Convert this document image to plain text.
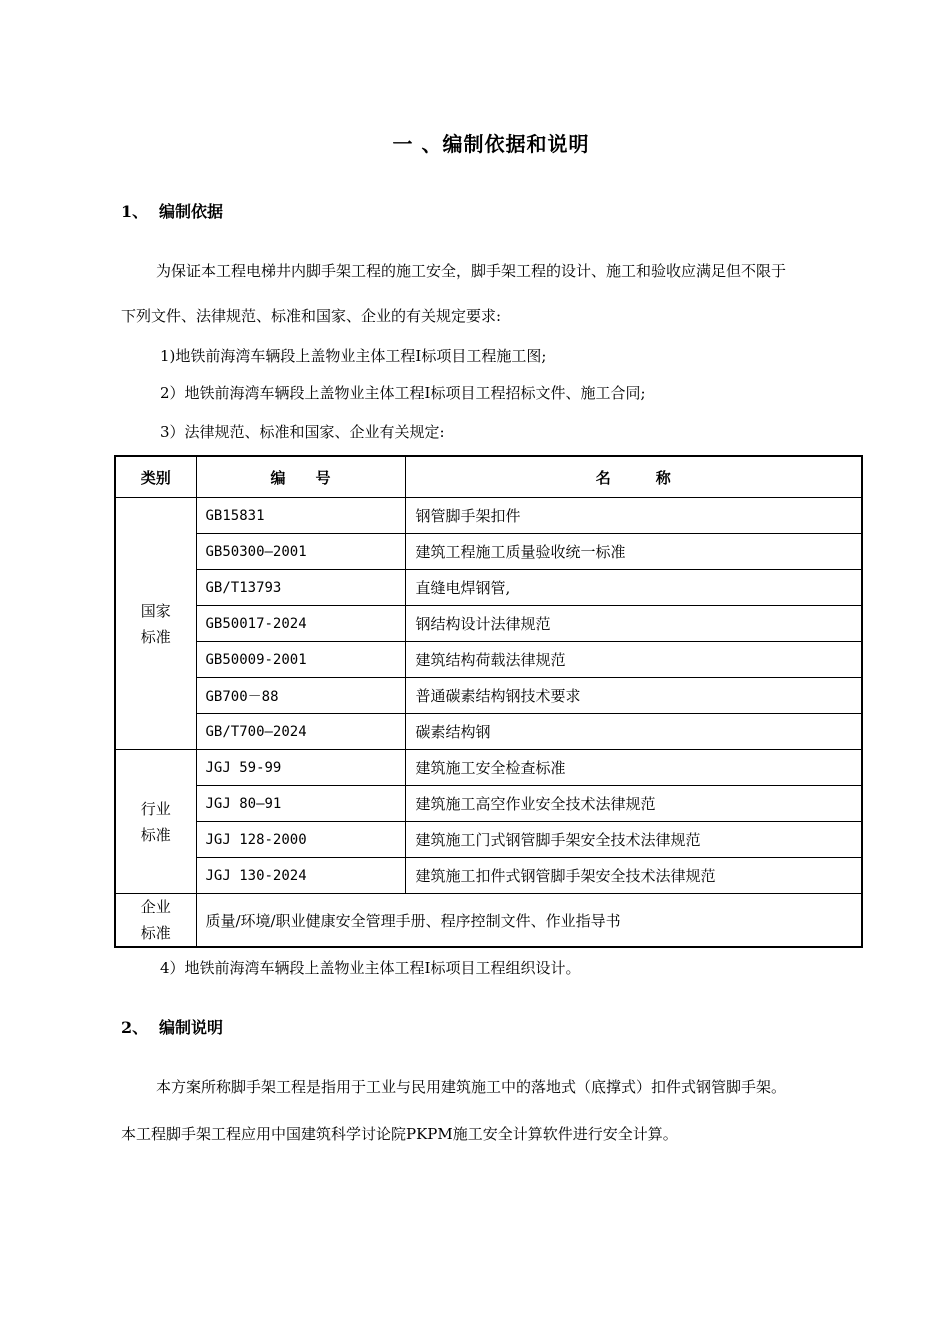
一 、编制依据和说明
1、 编制依据
为保证本工程电梯井内脚手架工程的施工安全，脚手架工程的设计、施工和验收应满足但不限于
下列文件、法律规范、标准和国家、企业的有关规定要求:
1)地铁前海湾车辆段上盖物业主体工程Ⅰ标项目工程施工图;
2）地铁前海湾车辆段上盖物业主体工程Ⅰ标项目工程招标文件、施工合同;
3）法律规范、标准和国家、企业有关规定:
类别	编　　号	名　　　称

国家
标准	GB15831	钢管脚手架扣件
	GB50300—2001	建筑工程施工质量验收统一标准
	GB/T13793	直缝电焊钢管,
	GB50017-2024	钢结构设计法律规范
	GB50009-2001	建筑结构荷载法律规范
	GB700－88	普通碳素结构钢技术要求
	GB/T700—2024	碳素结构钢

行业
标准	JGJ 59-99	建筑施工安全检查标准
	JGJ 80—91	建筑施工高空作业安全技术法律规范
	JGJ 128-2000	建筑施工门式钢管脚手架安全技术法律规范
	JGJ 130-2024	建筑施工扣件式钢管脚手架安全技术法律规范

企业
标准	质量/环境/职业健康安全管理手册、程序控制文件、作业指导书	
4）地铁前海湾车辆段上盖物业主体工程Ⅰ标项目工程组织设计。
2、 编制说明
本方案所称脚手架工程是指用于工业与民用建筑施工中的落地式（底撑式）扣件式钢管脚手架。
本工程脚手架工程应用中国建筑科学讨论院PKPM施工安全计算软件进行安全计算。
